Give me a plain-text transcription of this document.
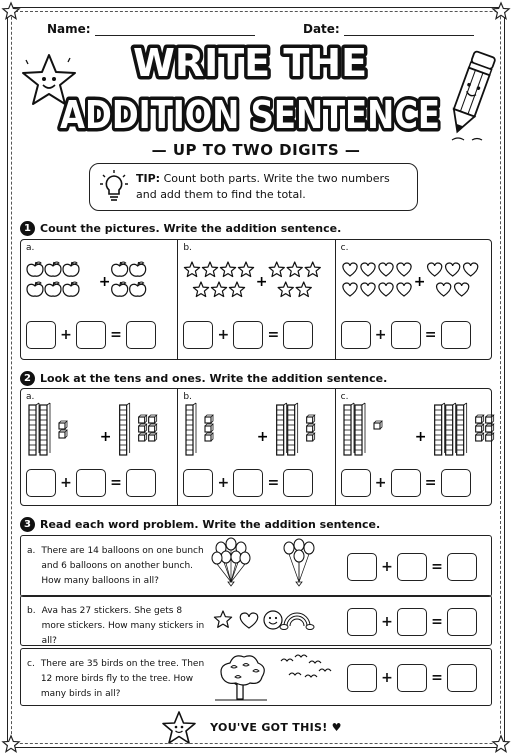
Name:	Date:
WRITE THE
ADDITION SENTENCE
— UP TO TWO DIGITS —
TIP: Count both parts. Write the two numbers and add them to find the total.
1 Count the pictures. Write the addition sentence.
a.
+
+	=
b.
+
+	=
c.
+
+	=
2 Look at the tens and ones. Write the addition sentence.
a.
+
+	=
b.
+
+	=
c.
+
+	=
3 Read each word problem. Write the addition sentence.
a. There are 14 balloons on one bunch and 6 balloons on another bunch. How many balloons in all?
+	=
b. Ava has 27 stickers. She gets 8 more stickers. How many stickers in all?
+	=
c. There are 35 birds on the tree. Then 12 more birds fly to the tree. How many birds in all?
+	=
YOU'VE GOT THIS! ♥
